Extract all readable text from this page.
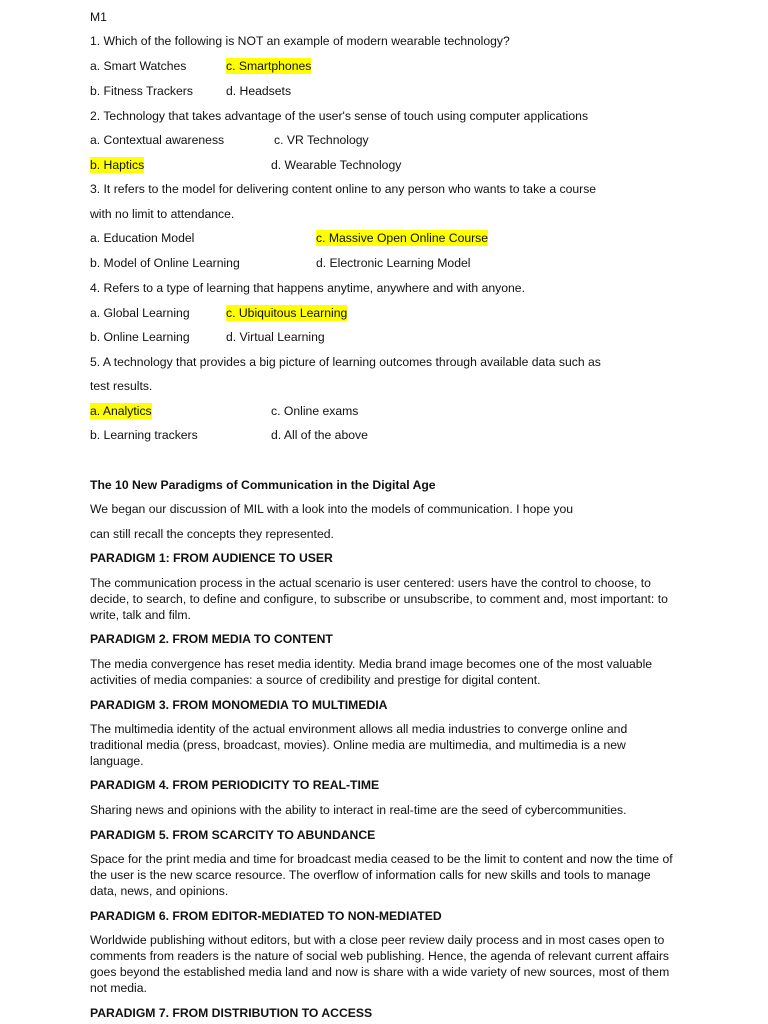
M1
1. Which of the following is NOT an example of modern wearable technology?
a. Smart Watches	c. Smartphones
b. Fitness Trackers	d. Headsets
2. Technology that takes advantage of the user's sense of touch using computer applications
a. Contextual awareness	c. VR Technology
b. Haptics	d. Wearable Technology
3. It refers to the model for delivering content online to any person who wants to take a course
with no limit to attendance.
a. Education Model	c. Massive Open Online Course
b. Model of Online Learning	d. Electronic Learning Model
4. Refers to a type of learning that happens anytime, anywhere and with anyone.
a. Global Learning	c. Ubiquitous Learning
b. Online Learning	d. Virtual Learning
5. A technology that provides a big picture of learning outcomes through available data such as
test results.
a. Analytics	c. Online exams
b. Learning trackers	d. All of the above
The 10 New Paradigms of Communication in the Digital Age
We began our discussion of MIL with a look into the models of communication. I hope you
can still recall the concepts they represented.
PARADIGM 1: FROM AUDIENCE TO USER
The communication process in the actual scenario is user centered: users have the control to choose, to decide, to search, to define and configure, to subscribe or unsubscribe, to comment and, most important: to write, talk and film.
PARADIGM 2. FROM MEDIA TO CONTENT
The media convergence has reset media identity. Media brand image becomes one of the most valuable activities of media companies: a source of credibility and prestige for digital content.
PARADIGM 3. FROM MONOMEDIA TO MULTIMEDIA
The multimedia identity of the actual environment allows all media industries to converge online and traditional media (press, broadcast, movies). Online media are multimedia, and multimedia is a new language.
PARADIGM 4. FROM PERIODICITY TO REAL-TIME
Sharing news and opinions with the ability to interact in real-time are the seed of cybercommunities.
PARADIGM 5. FROM SCARCITY TO ABUNDANCE
Space for the print media and time for broadcast media ceased to be the limit to content and now the time of the user is the new scarce resource. The overflow of information calls for new skills and tools to manage data, news, and opinions.
PARADIGM 6. FROM EDITOR-MEDIATED TO NON-MEDIATED
Worldwide publishing without editors, but with a close peer review daily process and in most cases open to comments from readers is the nature of social web publishing. Hence, the agenda of relevant current affairs goes beyond the established media land and now is share with a wide variety of new sources, most of them not media.
PARADIGM 7. FROM DISTRIBUTION TO ACCESS
